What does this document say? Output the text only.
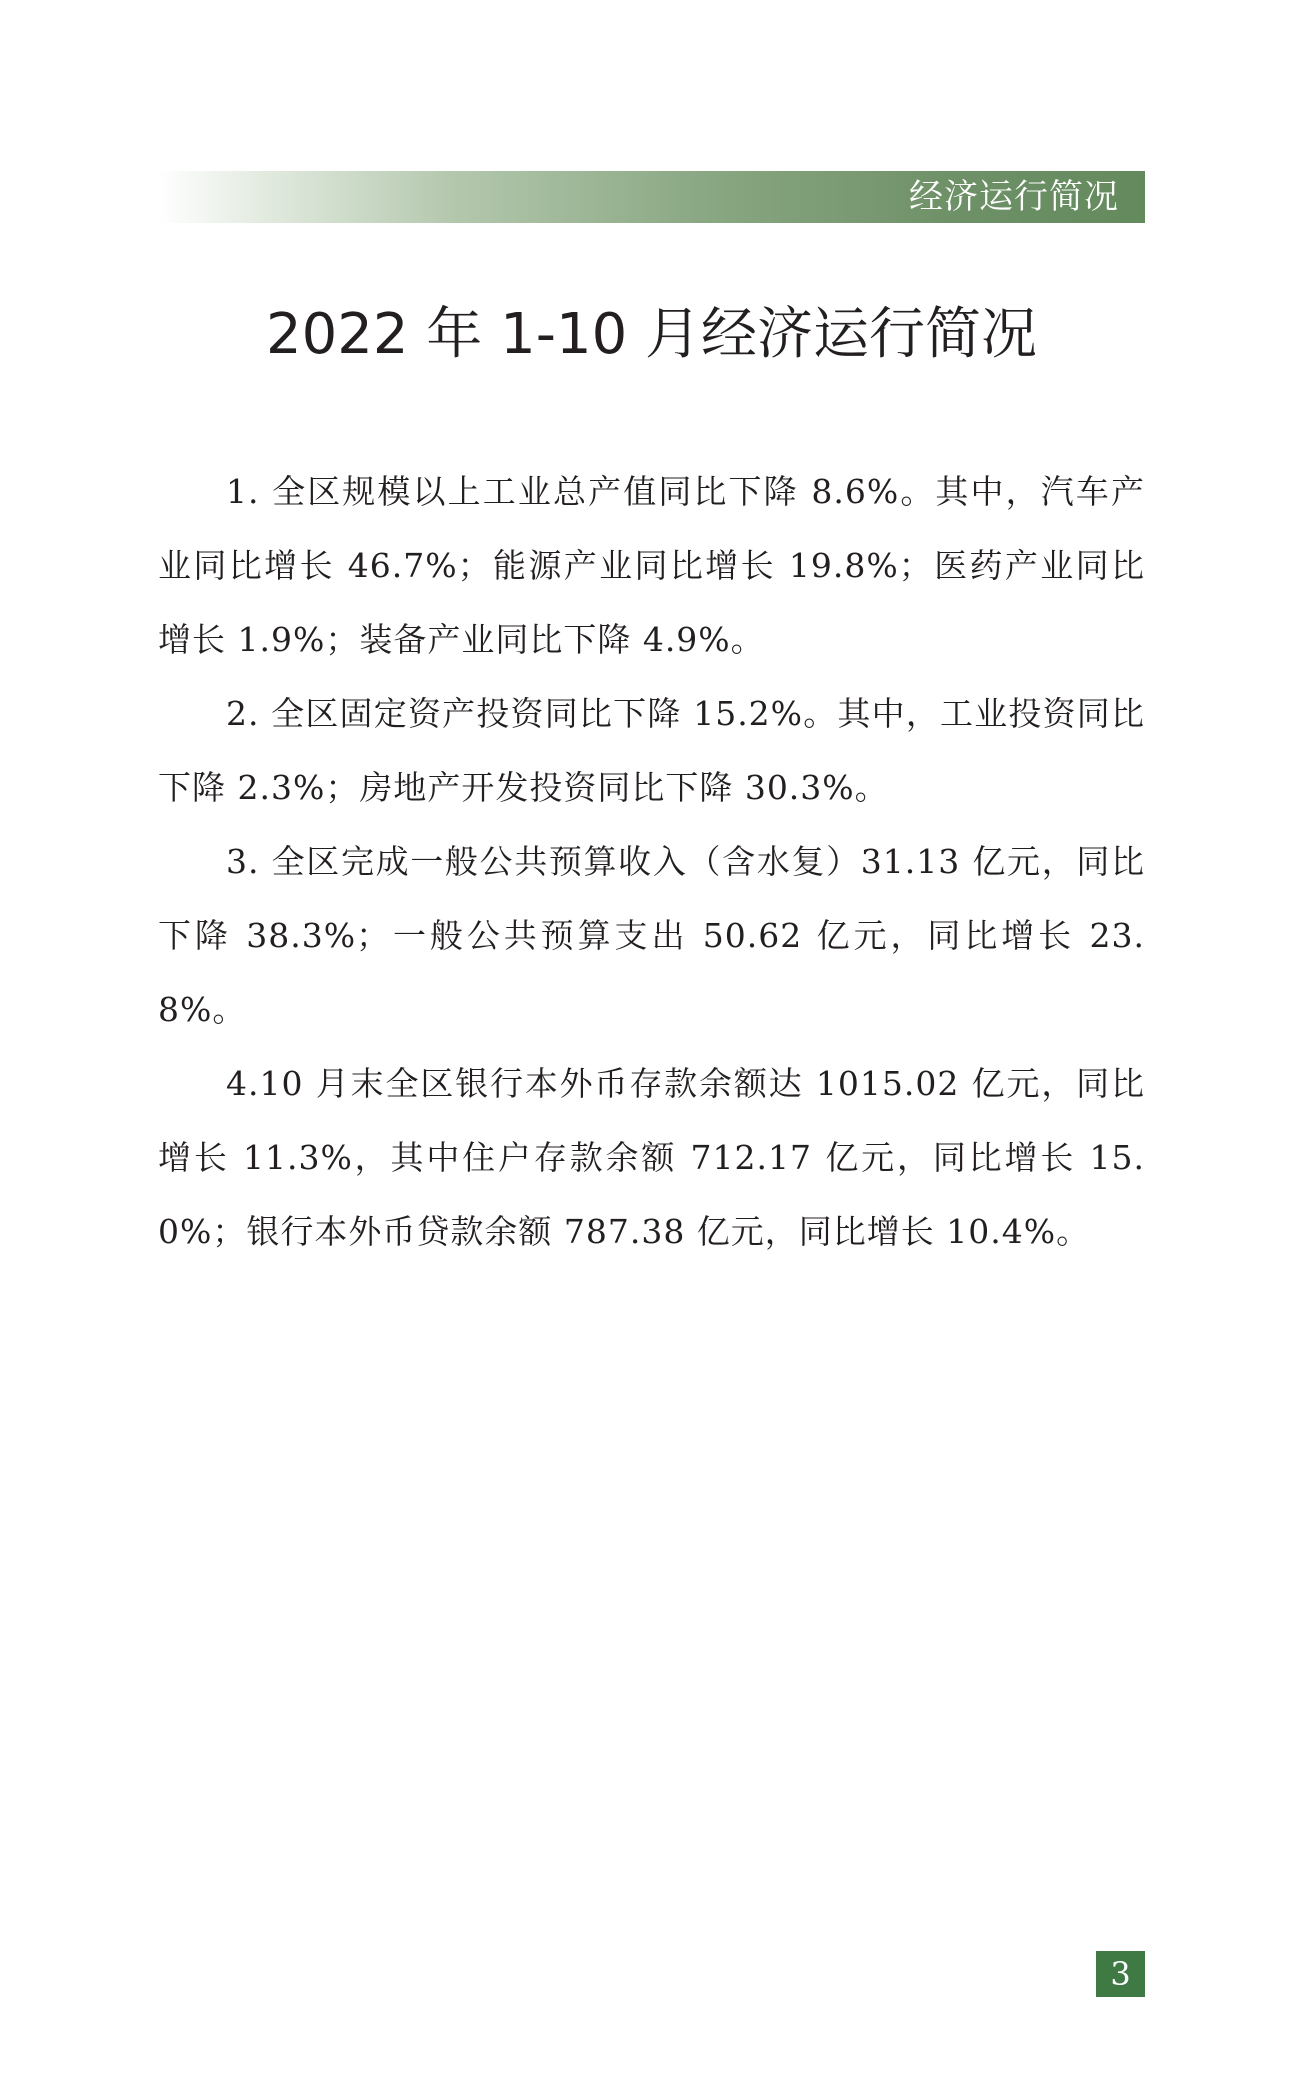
经济运行简况
2022 年 1-10 月经济运行简况

1. 全区规模以上工业总产值同比下降 8.6%。其中，汽车产业同比增长 46.7%；能源产业同比增长 19.8%；医药产业同比增长 1.9%；装备产业同比下降 4.9%。

2. 全区固定资产投资同比下降 15.2%。其中，工业投资同比下降 2.3%；房地产开发投资同比下降 30.3%。

3. 全区完成一般公共预算收入（含水复）31.13 亿元，同比下降 38.3%；一般公共预算支出 50.62 亿元，同比增长 23.8%。

4.10 月末全区银行本外币存款余额达 1015.02 亿元，同比增长 11.3%，其中住户存款余额 712.17 亿元，同比增长 15.0%；银行本外币贷款余额 787.38 亿元，同比增长 10.4%。

3
